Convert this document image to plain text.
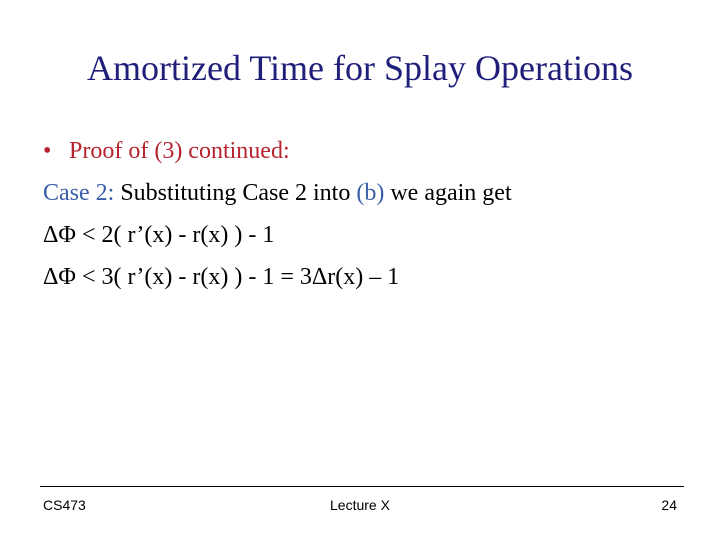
Amortized Time for Splay Operations
• Proof of (3) continued:
Case 2: Substituting Case 2 into (b) we again get
ΔΦ < 2( r’(x) - r(x) ) - 1
ΔΦ < 3( r’(x) - r(x) ) - 1 = 3Δr(x) – 1
CS473	Lecture X	24
